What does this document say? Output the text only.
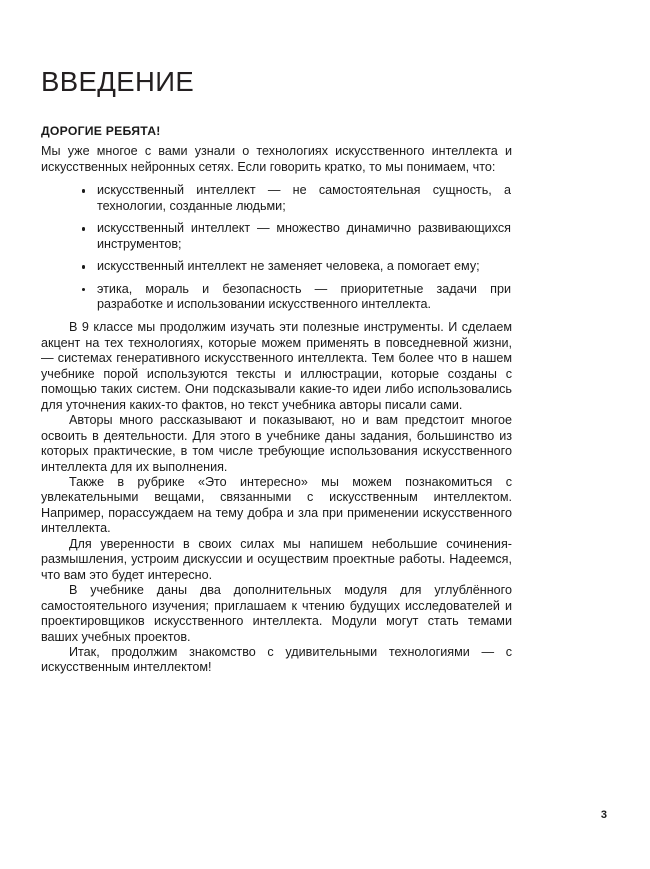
ВВЕДЕНИЕ

ДОРОГИЕ РЕБЯТА!

Мы уже многое с вами узнали о технологиях искусственного интеллекта и искусственных нейронных сетях. Если говорить кратко, то мы понимаем, что:

искусственный интеллект — не самостоятельная сущность, а технологии, созданные людьми;
искусственный интеллект — множество динамично развивающихся инструментов;
искусственный интеллект не заменяет человека, а помогает ему;
этика, мораль и безопасность — приоритетные задачи при разработке и использовании искусственного интеллекта.

В 9 классе мы продолжим изучать эти полезные инструменты. И сделаем акцент на тех технологиях, которые можем применять в повседневной жизни, — системах генеративного искусственного интеллекта. Тем более что в нашем учебнике порой используются тексты и иллюстрации, которые созданы с помощью таких систем. Они подсказывали какие-то идеи либо использовались для уточнения каких-то фактов, но текст учебника авторы писали сами.

Авторы много рассказывают и показывают, но и вам предстоит многое освоить в деятельности. Для этого в учебнике даны задания, большинство из которых практические, в том числе требующие использования искусственного интеллекта для их выполнения.

Также в рубрике «Это интересно» мы можем познакомиться с увлекательными вещами, связанными с искусственным интеллектом. Например, порассуждаем на тему добра и зла при применении искусственного интеллекта.

Для уверенности в своих силах мы напишем небольшие сочинения-размышления, устроим дискуссии и осуществим проектные работы. Надеемся, что вам это будет интересно.

В учебнике даны два дополнительных модуля для углублённого самостоятельного изучения; приглашаем к чтению будущих исследователей и проектировщиков искусственного интеллекта. Модули могут стать темами ваших учебных проектов.

Итак, продолжим знакомство с удивительными технологиями — с искусственным интеллектом!

3
